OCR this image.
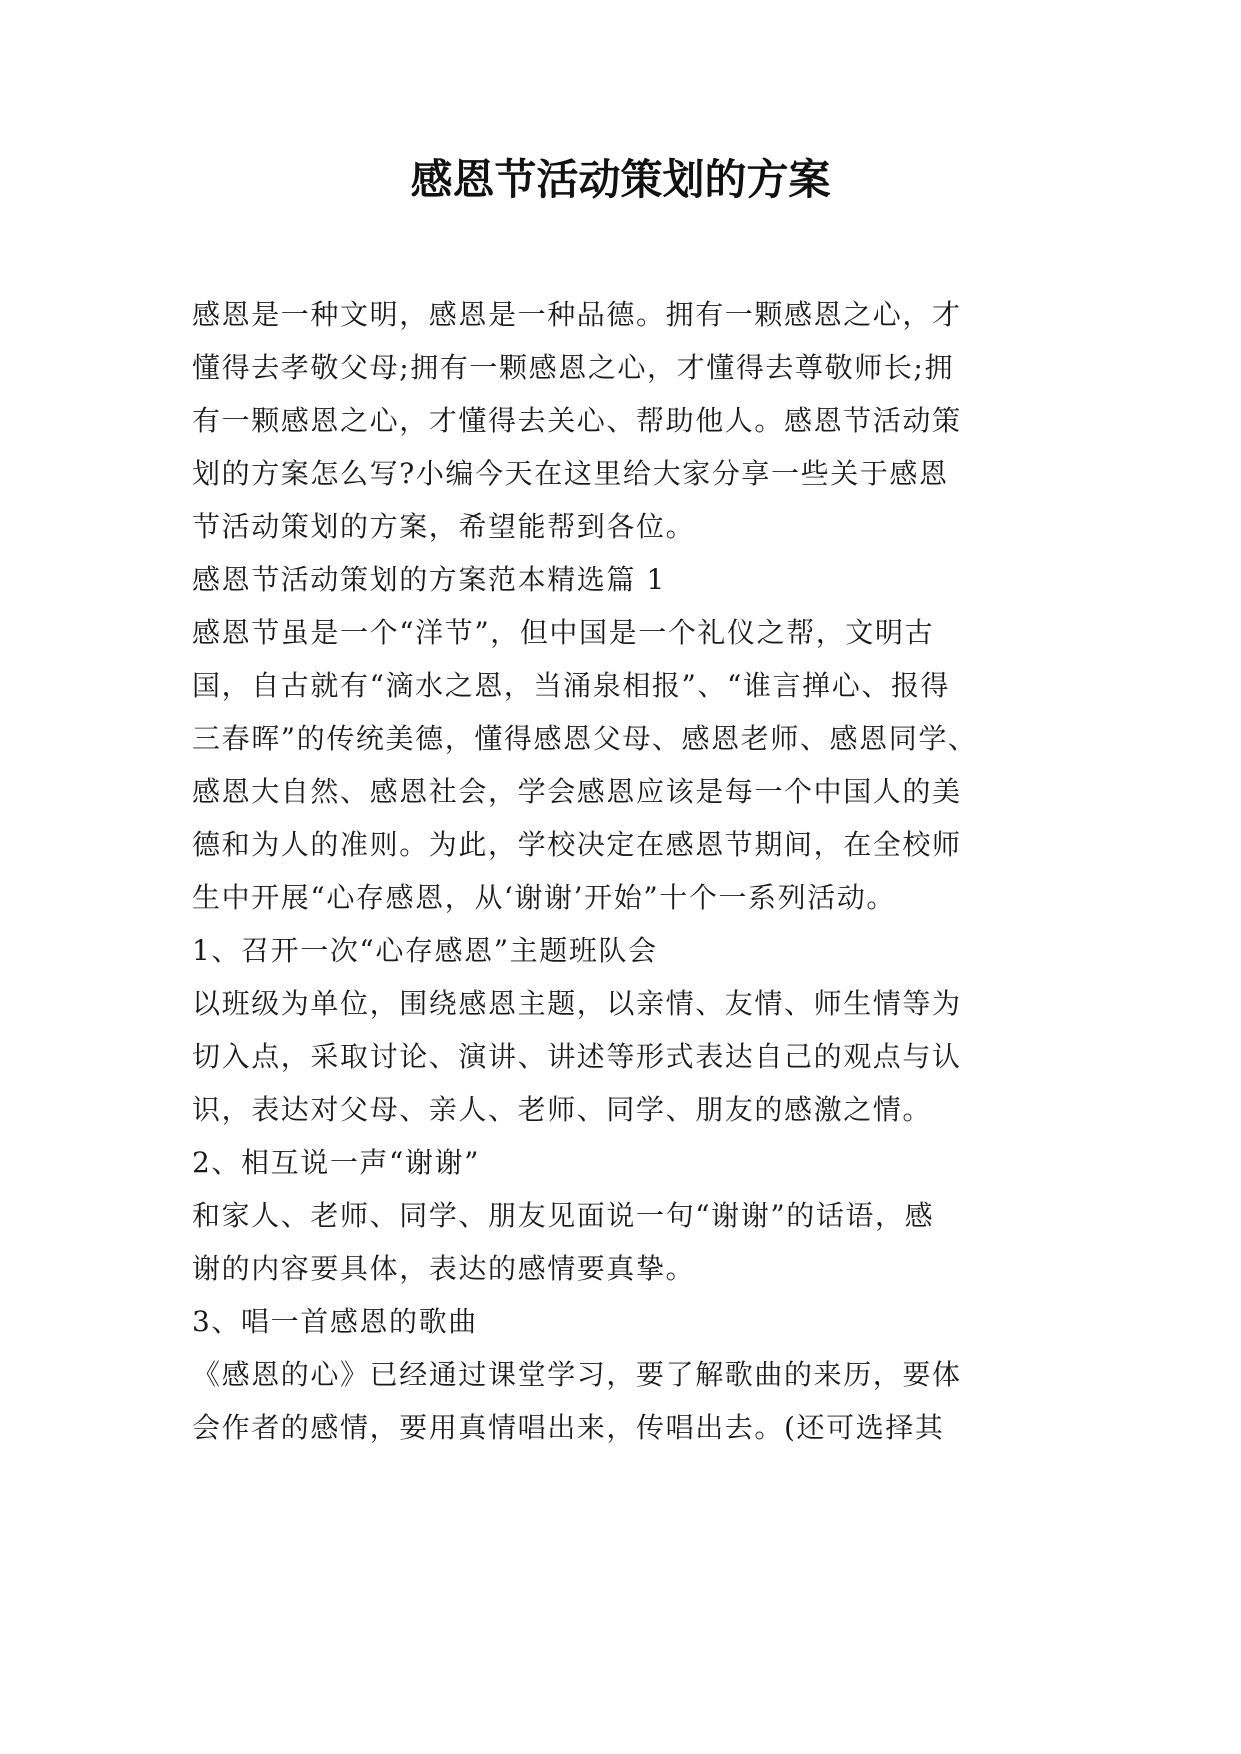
感恩节活动策划的方案

感恩是一种文明，感恩是一种品德。拥有一颗感恩之心，才

懂得去孝敬父母;拥有一颗感恩之心，才懂得去尊敬师长;拥

有一颗感恩之心，才懂得去关心、帮助他人。感恩节活动策

划的方案怎么写?小编今天在这里给大家分享一些关于感恩

节活动策划的方案，希望能帮到各位。

感恩节活动策划的方案范本精选篇 1

感恩节虽是一个“洋节”，但中国是一个礼仪之帮，文明古

国，自古就有“滴水之恩，当涌泉相报”、“谁言掸心、报得

三春晖”的传统美德，懂得感恩父母、感恩老师、感恩同学、

感恩大自然、感恩社会，学会感恩应该是每一个中国人的美

德和为人的准则。为此，学校决定在感恩节期间，在全校师

生中开展“心存感恩，从‘谢谢’开始”十个一系列活动。

1、召开一次“心存感恩”主题班队会

以班级为单位，围绕感恩主题，以亲情、友情、师生情等为

切入点，采取讨论、演讲、讲述等形式表达自己的观点与认

识，表达对父母、亲人、老师、同学、朋友的感激之情。

2、相互说一声“谢谢”

和家人、老师、同学、朋友见面说一句“谢谢”的话语，感

谢的内容要具体，表达的感情要真挚。

3、唱一首感恩的歌曲

《感恩的心》已经通过课堂学习，要了解歌曲的来历，要体

会作者的感情，要用真情唱出来，传唱出去。(还可选择其
